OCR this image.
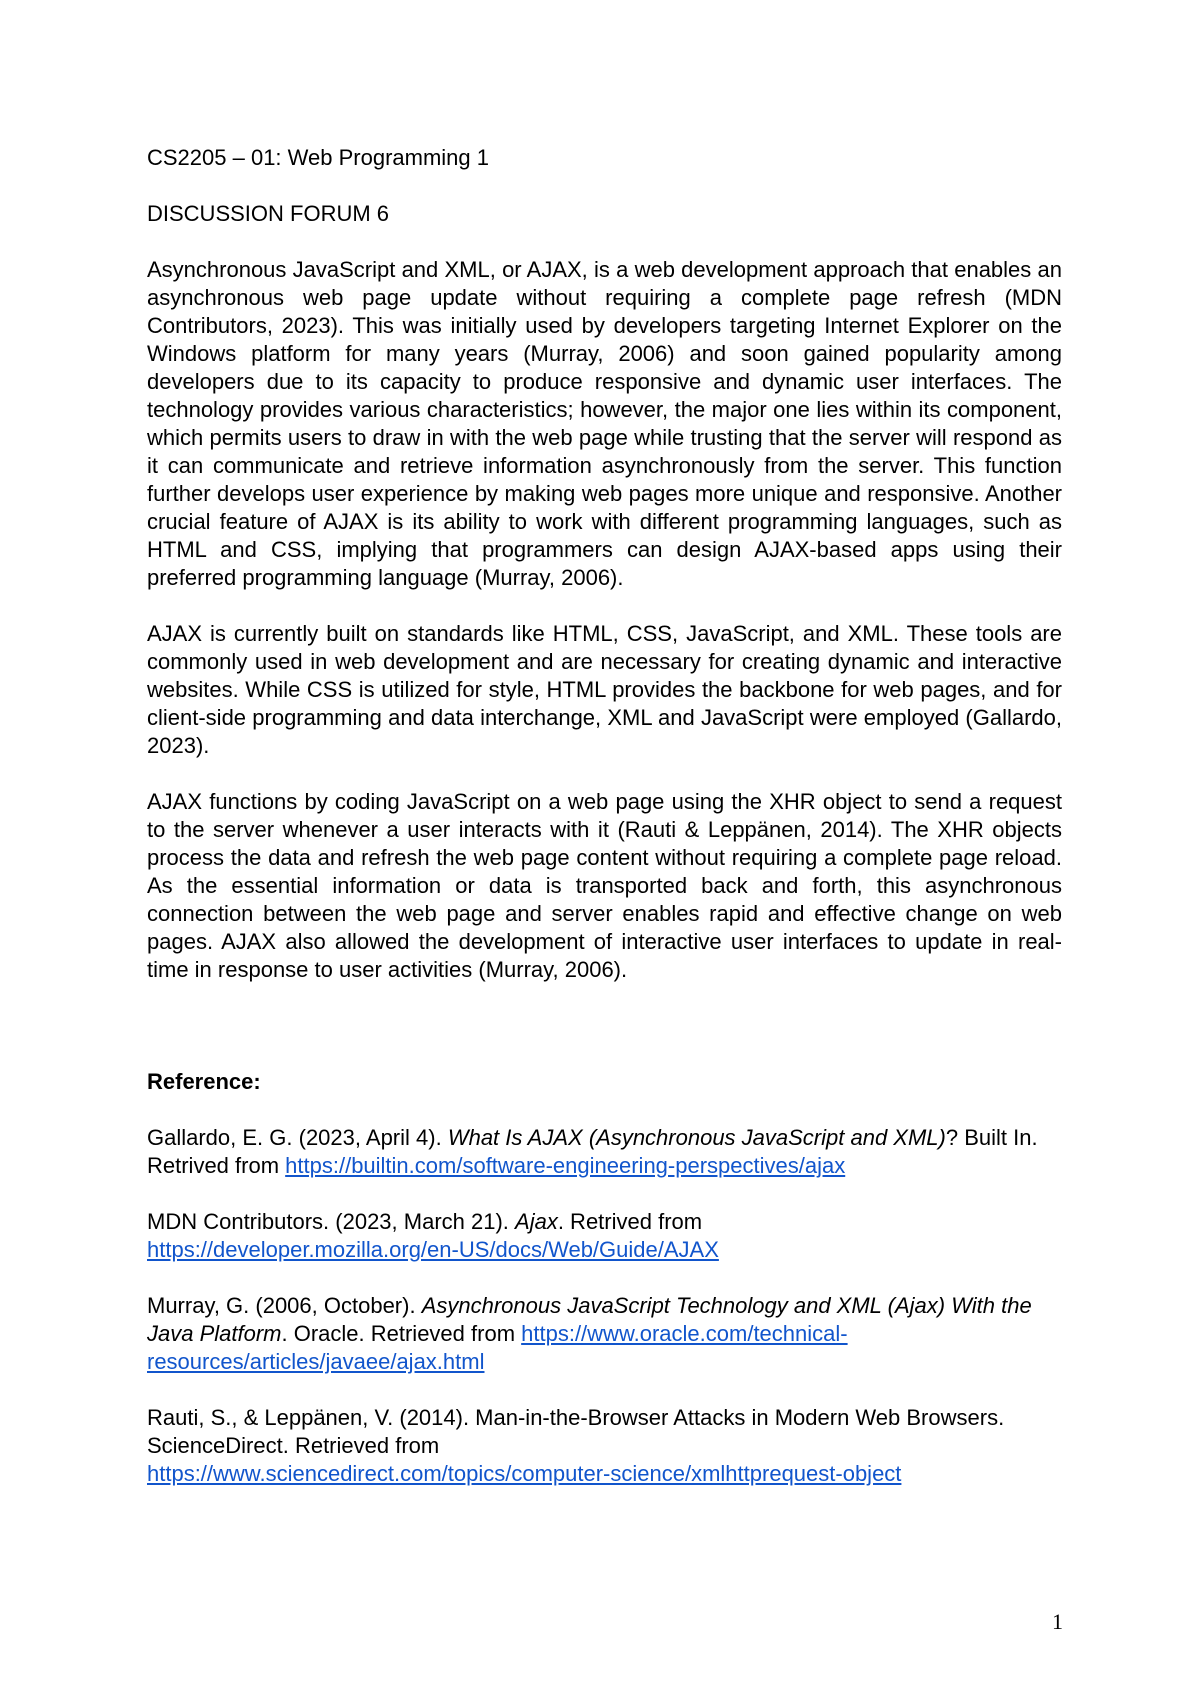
CS2205 – 01: Web Programming 1

DISCUSSION FORUM 6

Asynchronous JavaScript and XML, or AJAX, is a web development approach that enables an asynchronous web page update without requiring a complete page refresh (MDN Contributors, 2023). This was initially used by developers targeting Internet Explorer on the Windows platform for many years (Murray, 2006) and soon gained popularity among developers due to its capacity to produce responsive and dynamic user interfaces. The technology provides various characteristics; however, the major one lies within its component, which permits users to draw in with the web page while trusting that the server will respond as it can communicate and retrieve information asynchronously from the server. This function further develops user experience by making web pages more unique and responsive. Another crucial feature of AJAX is its ability to work with different programming languages, such as HTML and CSS, implying that programmers can design AJAX-based apps using their preferred programming language (Murray, 2006).

AJAX is currently built on standards like HTML, CSS, JavaScript, and XML. These tools are commonly used in web development and are necessary for creating dynamic and interactive websites. While CSS is utilized for style, HTML provides the backbone for web pages, and for client-side programming and data interchange, XML and JavaScript were employed (Gallardo, 2023).

AJAX functions by coding JavaScript on a web page using the XHR object to send a request to the server whenever a user interacts with it (Rauti & Leppänen, 2014). The XHR objects process the data and refresh the web page content without requiring a complete page reload. As the essential information or data is transported back and forth, this asynchronous connection between the web page and server enables rapid and effective change on web pages. AJAX also allowed the development of interactive user interfaces to update in real-time in response to user activities (Murray, 2006).

Reference:

Gallardo, E. G. (2023, April 4). What Is AJAX (Asynchronous JavaScript and XML)? Built In. Retrived from https://builtin.com/software-engineering-perspectives/ajax

MDN Contributors. (2023, March 21). Ajax. Retrived from
https://developer.mozilla.org/en-US/docs/Web/Guide/AJAX

Murray, G. (2006, October). Asynchronous JavaScript Technology and XML (Ajax) With the Java Platform. Oracle. Retrieved from https://www.oracle.com/technical-resources/articles/javaee/ajax.html

Rauti, S., & Leppänen, V. (2014). Man-in-the-Browser Attacks in Modern Web Browsers. ScienceDirect. Retrieved from
https://www.sciencedirect.com/topics/computer-science/xmlhttprequest-object

1
